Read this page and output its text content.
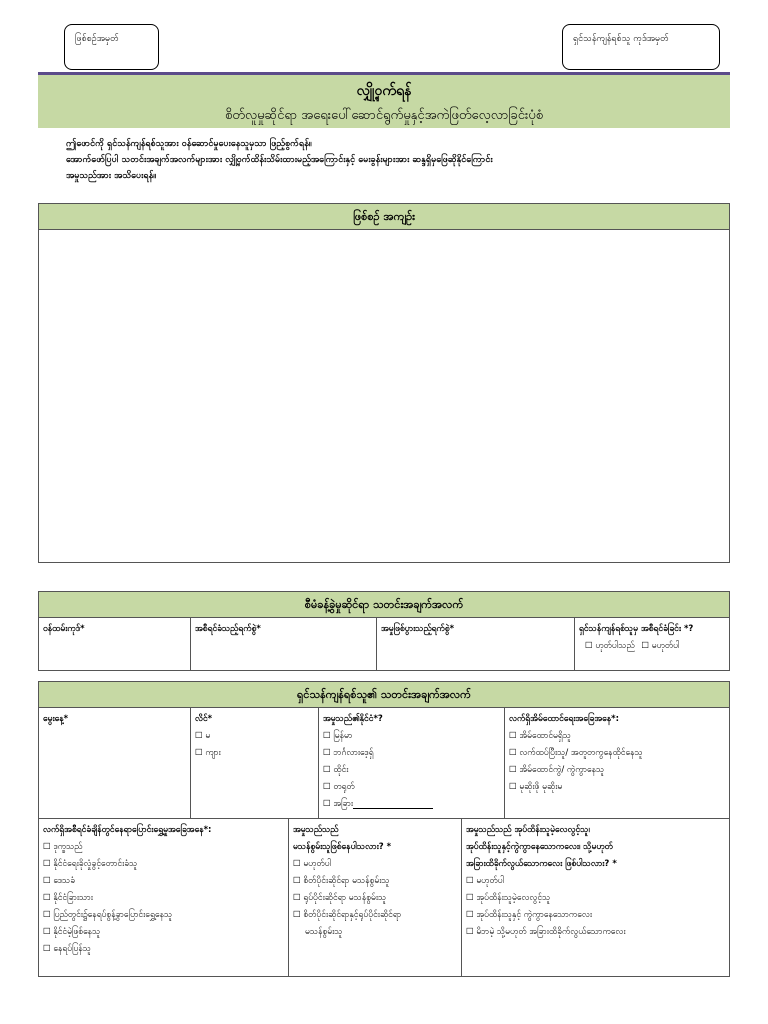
ဖြစ်စဉ်အမှတ်	ရှင်သန်ကျန်ရစ်သူ ကုဒ်အမှတ်
လျှို့ဝှက်ရန်
စိတ်လူမှုဆိုင်ရာ အရေးပေါ်ဆောင်ရွက်မှုနှင့်အကဲဖြတ်လေ့လာခြင်းပုံစံ
ဤဖောင်ကို ရှင်သန်ကျန်ရစ်သူအား ဝန်ဆောင်မှုပေးနေသူမှသာ ဖြည့်စွက်ရန်။
အောက်ဖော်ပြပါ သတင်းအချက်အလက်များအား လျှို့ဝှက်ထိန်းသိမ်းထားမည့်အကြောင်းနှင့် မေးခွန်းများအား ဆန္ဒရှိမှဖြေဆိုနိုင်ကြောင်း
အမှုသည်အား အသိပေးရန်။
ဖြစ်စဉ် အကျဉ်း
စီမံခန့်ခွဲမှုဆိုင်ရာ သတင်းအချက်အလက်
ဝန်ထမ်းကုဒ်*	အစီရင်ခံသည့်ရက်စွဲ*	အမှုဖြစ်ပွားသည့်ရက်စွဲ*	ရှင်သန်ကျန်ရစ်သူမှ အစီရင်ခံခြင်း *?
☐ ဟုတ်ပါသည် ☐ မဟုတ်ပါ
ရှင်သန်ကျန်ရစ်သူ၏ သတင်းအချက်အလက်
မွေးနေ့*	လိင်*
☐ မ
☐ ကျား
အမှုသည်၏နိုင်ငံ*?
☐ မြန်မာ
☐ ဘင်္ဂလားဒေ့ရှ်
☐ ထိုင်း
☐ တရုတ်
☐ အခြား
လက်ရှိအိမ်ထောင်ရေးအခြေအနေ*:
☐ အိမ်ထောင်မရှိသူ
☐ လက်ထပ်ပြီးသူ/ အတူတကွနေထိုင်နေသူ
☐ အိမ်ထောင်ကွဲ/ ကွဲကွာနေသူ
☐ မုဆိုးဖို မုဆိုးမ
လက်ရှိအစီရင်ခံချိန်တွင်နေရာပြောင်းရွှေ့မှုအခြေအနေ*:
☐ ဒုက္ခသည်
☐ နိုင်ငံရေးခိုလှုံခွင့်တောင်းခံသူ
☐ ဒေသခံ
☐ နိုင်ငံခြားသား
☐ ပြည်တွင်း၌နေရပ်စွန့်ခွာပြောင်းရွှေ့နေသူ
☐ နိုင်ငံမဲ့ဖြစ်နေသူ
☐ နေရပ်ပြန်သူ
အမှုသည်သည်
မသန်စွမ်းသူဖြစ်နေပါသလား? *
☐ မဟုတ်ပါ
☐ စိတ်ပိုင်းဆိုင်ရာ မသန်စွမ်းသူ
☐ ရုပ်ပိုင်းဆိုင်ရာ မသန်စွမ်းသူ
☐ စိတ်ပိုင်းဆိုင်ရာနှင့်ရုပ်ပိုင်းဆိုင်ရာ
မသန်စွမ်းသူ
အမှုသည်သည် အုပ်ထိန်းသူမဲ့လေလွင့်သူ၊
အုပ်ထိန်းသူနှင့်ကွဲကွာနေသောကလေး၊ သို့မဟုတ်
အခြားထိခိုက်လွယ်သောကလေး ဖြစ်ပါသလား? *
☐ မဟုတ်ပါ
☐ အုပ်ထိန်းသူမဲ့လေလွင့်သူ
☐ အုပ်ထိန်းသူနှင့် ကွဲကွာနေသောကလေး
☐ မိဘမဲ့ သို့မဟုတ် အခြားထိခိုက်လွယ်သောကလေး
